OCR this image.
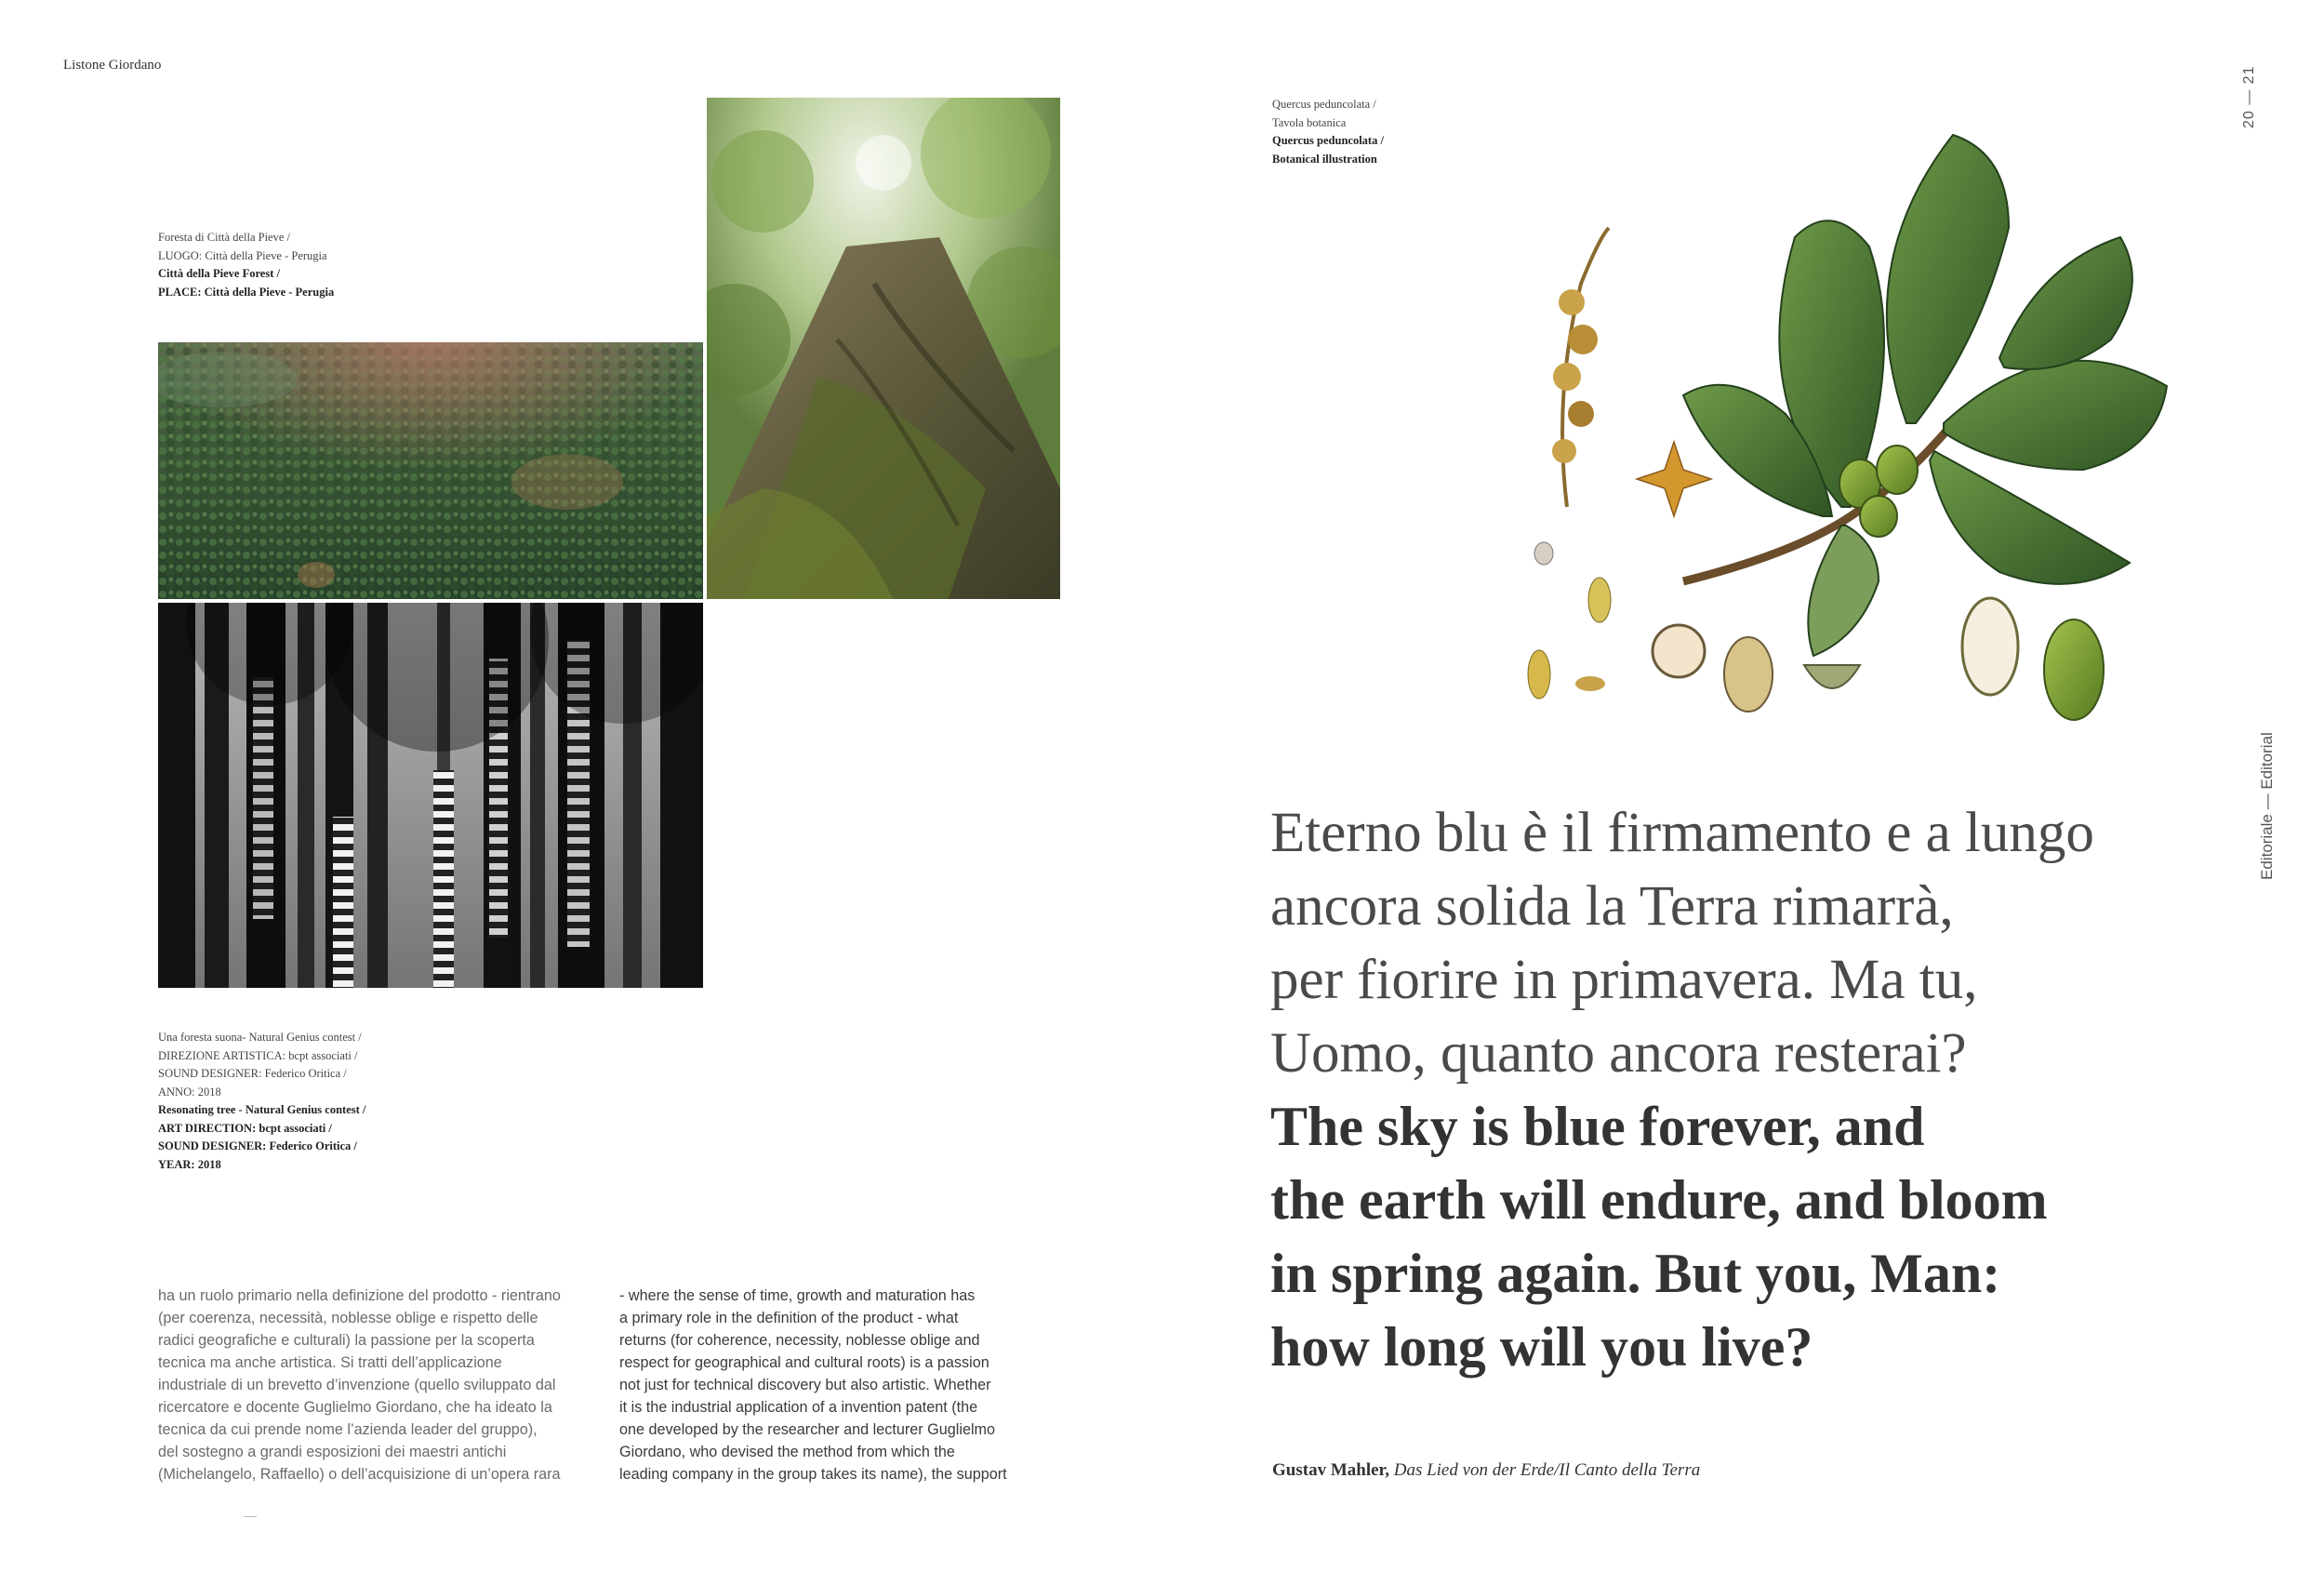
Listone Giordano
20 — 21
Editoriale — Editorial
Foresta di Città della Pieve /
LUOGO: Città della Pieve - Perugia
Città della Pieve Forest /
PLACE: Città della Pieve - Perugia
Una foresta suona- Natural Genius contest /
DIREZIONE ARTISTICA: bcpt associati /
SOUND DESIGNER: Federico Oritica /
ANNO: 2018
Resonating tree - Natural Genius contest /
ART DIRECTION: bcpt associati /
SOUND DESIGNER: Federico Oritica /
YEAR: 2018
ha un ruolo primario nella definizione del prodotto - rientrano
(per coerenza, necessità, noblesse oblige e rispetto delle
radici geografiche e culturali) la passione per la scoperta
tecnica ma anche artistica. Si tratti dell’applicazione
industriale di un brevetto d’invenzione (quello sviluppato dal
ricercatore e docente Guglielmo Giordano, che ha ideato la
tecnica da cui prende nome l’azienda leader del gruppo),
del sostegno a grandi esposizioni dei maestri antichi
(Michelangelo, Raffaello) o dell’acquisizione di un’opera rara
- where the sense of time, growth and maturation has
a primary role in the definition of the product - what
returns (for coherence, necessity, noblesse oblige and
respect for geographical and cultural roots) is a passion
not just for technical discovery but also artistic. Whether
it is the industrial application of a invention patent (the
one developed by the researcher and lecturer Guglielmo
Giordano, who devised the method from which the
leading company in the group takes its name), the support
Quercus peduncolata /
Tavola botanica
Quercus peduncolata /
Botanical illustration
Eterno blu è il firmamento e a lungo
ancora solida la Terra rimarrà,
per fiorire in primavera. Ma tu,
Uomo, quanto ancora resterai?
The sky is blue forever, and
the earth will endure, and bloom
in spring again. But you, Man:
how long will you live?
Gustav Mahler, Das Lied von der Erde/Il Canto della Terra
